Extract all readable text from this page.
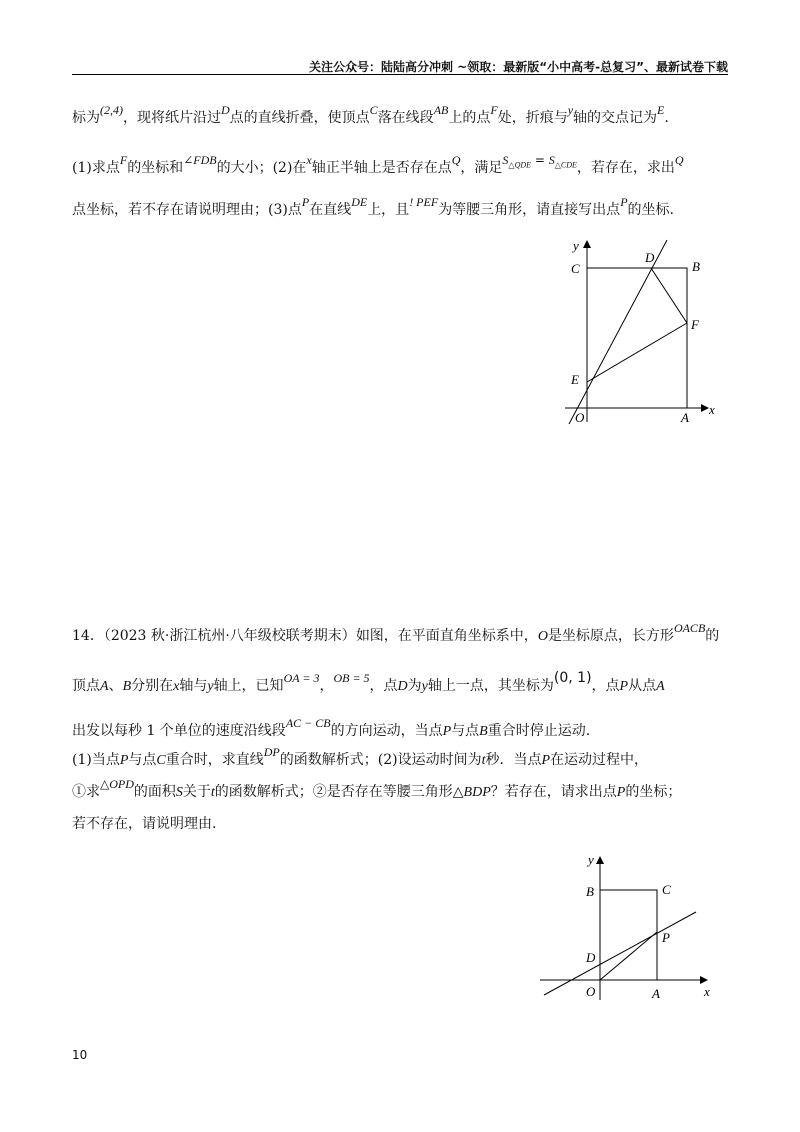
关注公众号：陆陆高分冲刺 ~领取：最新版“小中高考-总复习”、最新试卷下载
标为(2,4)，现将纸片沿过D点的直线折叠，使顶点C落在线段AB上的点F处，折痕与y轴的交点记为E.
(1)求点F的坐标和∠FDB的大小；(2)在x轴正半轴上是否存在点Q，满足$S_{\triangle QDE} = S_{\triangle CDE}$，若存在，求出Q
点坐标，若不存在请说明理由；(3)点P在直线DE上，且! PEF为等腰三角形，请直接写出点P的坐标.
y
C
D
B
F
E
O	A
x
14．（2023 秋·浙江杭州·八年级校联考期末）如图，在平面直角坐标系中，O是坐标原点，长方形OACB的
顶点A、B分别在x轴与y轴上，已知OA = 3，OB = 5，点D为y轴上一点，其坐标为(0, 1)，点P从点A
出发以每秒 1 个单位的速度沿线段AC − CB的方向运动，当点P与点B重合时停止运动.
(1)当点P与点C重合时，求直线DP的函数解析式；(2)设运动时间为t秒．当点P在运动过程中，
①求△OPD的面积S关于t的函数解析式；②是否存在等腰三角形△BDP？若存在，请求出点P的坐标；
若不存在，请说明理由.
y
B	C
P
D
O	A	x
10
